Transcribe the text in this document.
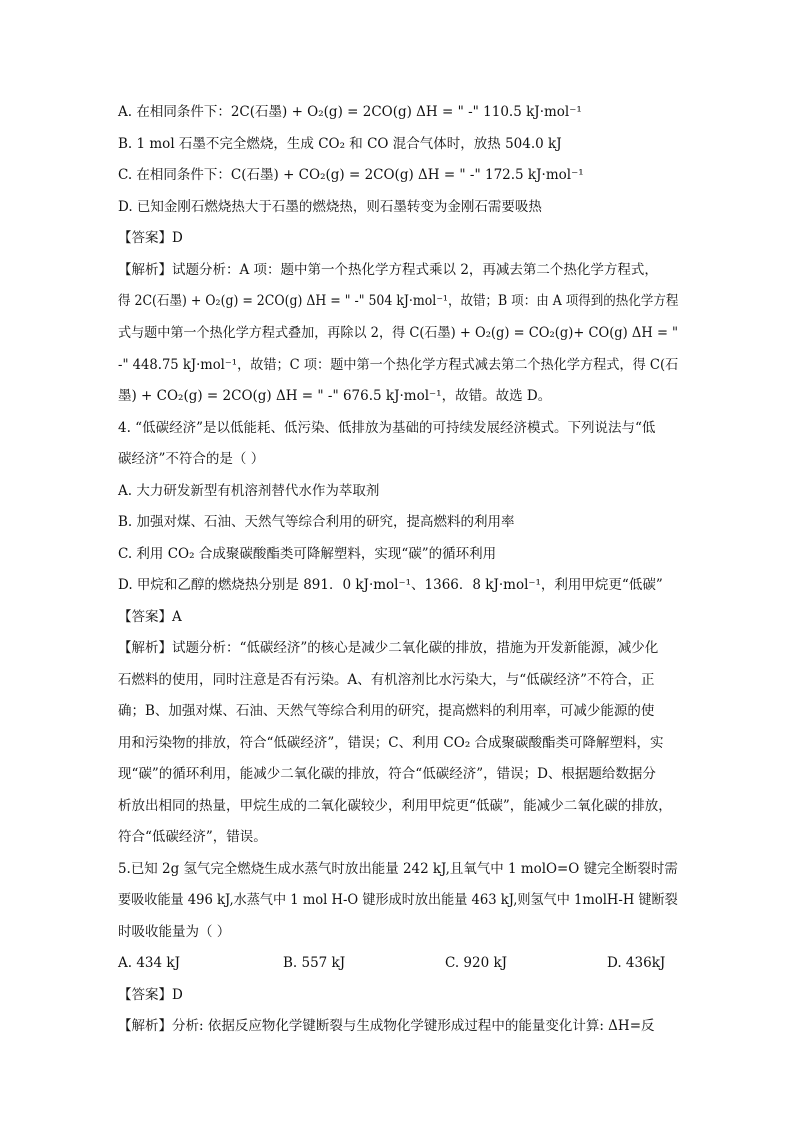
A. 在相同条件下：2C(石墨) + O₂(g) = 2CO(g) ΔH = " -" 110.5 kJ·mol⁻¹
B. 1 mol 石墨不完全燃烧，生成 CO₂ 和 CO 混合气体时，放热 504.0 kJ
C. 在相同条件下：C(石墨) + CO₂(g) = 2CO(g) ΔH = " -" 172.5 kJ·mol⁻¹
D. 已知金刚石燃烧热大于石墨的燃烧热，则石墨转变为金刚石需要吸热
【答案】D
【解析】试题分析：A 项：题中第一个热化学方程式乘以 2，再减去第二个热化学方程式，
得 2C(石墨) + O₂(g) = 2CO(g) ΔH = " -" 504 kJ·mol⁻¹，故错；B 项：由 A 项得到的热化学方程
式与题中第一个热化学方程式叠加，再除以 2，得 C(石墨) + O₂(g) = CO₂(g)+ CO(g) ΔH = "
-" 448.75 kJ·mol⁻¹，故错；C 项：题中第一个热化学方程式减去第二个热化学方程式，得 C(石
墨) + CO₂(g) = 2CO(g) ΔH = " -" 676.5 kJ·mol⁻¹，故错。故选 D。
4. “低碳经济”是以低能耗、低污染、低排放为基础的可持续发展经济模式。下列说法与“低
碳经济”不符合的是（ ）
A. 大力研发新型有机溶剂替代水作为萃取剂
B. 加强对煤、石油、天然气等综合利用的研究，提高燃料的利用率
C. 利用 CO₂ 合成聚碳酸酯类可降解塑料，实现“碳”的循环利用
D. 甲烷和乙醇的燃烧热分别是 891．0 kJ·mol⁻¹、1366．8 kJ·mol⁻¹，利用甲烷更“低碳”
【答案】A
【解析】试题分析：“低碳经济”的核心是减少二氧化碳的排放，措施为开发新能源，减少化
石燃料的使用，同时注意是否有污染。A、有机溶剂比水污染大，与“低碳经济”不符合，正
确；B、加强对煤、石油、天然气等综合利用的研究，提高燃料的利用率，可减少能源的使
用和污染物的排放，符合“低碳经济”，错误；C、利用 CO₂ 合成聚碳酸酯类可降解塑料，实
现“碳”的循环利用，能减少二氧化碳的排放，符合“低碳经济”，错误；D、根据题给数据分
析放出相同的热量，甲烷生成的二氧化碳较少，利用甲烷更“低碳”，能减少二氧化碳的排放，
符合“低碳经济”，错误。
5.已知 2g 氢气完全燃烧生成水蒸气时放出能量 242 kJ,且氧气中 1 molO=O 键完全断裂时需
要吸收能量 496 kJ,水蒸气中 1 mol H-O 键形成时放出能量 463 kJ,则氢气中 1molH-H 键断裂
时吸收能量为（ ）
A. 434 kJ	B. 557 kJ	C. 920 kJ	D. 436kJ
【答案】D
【解析】分析: 依据反应物化学键断裂与生成物化学键形成过程中的能量变化计算: ΔH=反
